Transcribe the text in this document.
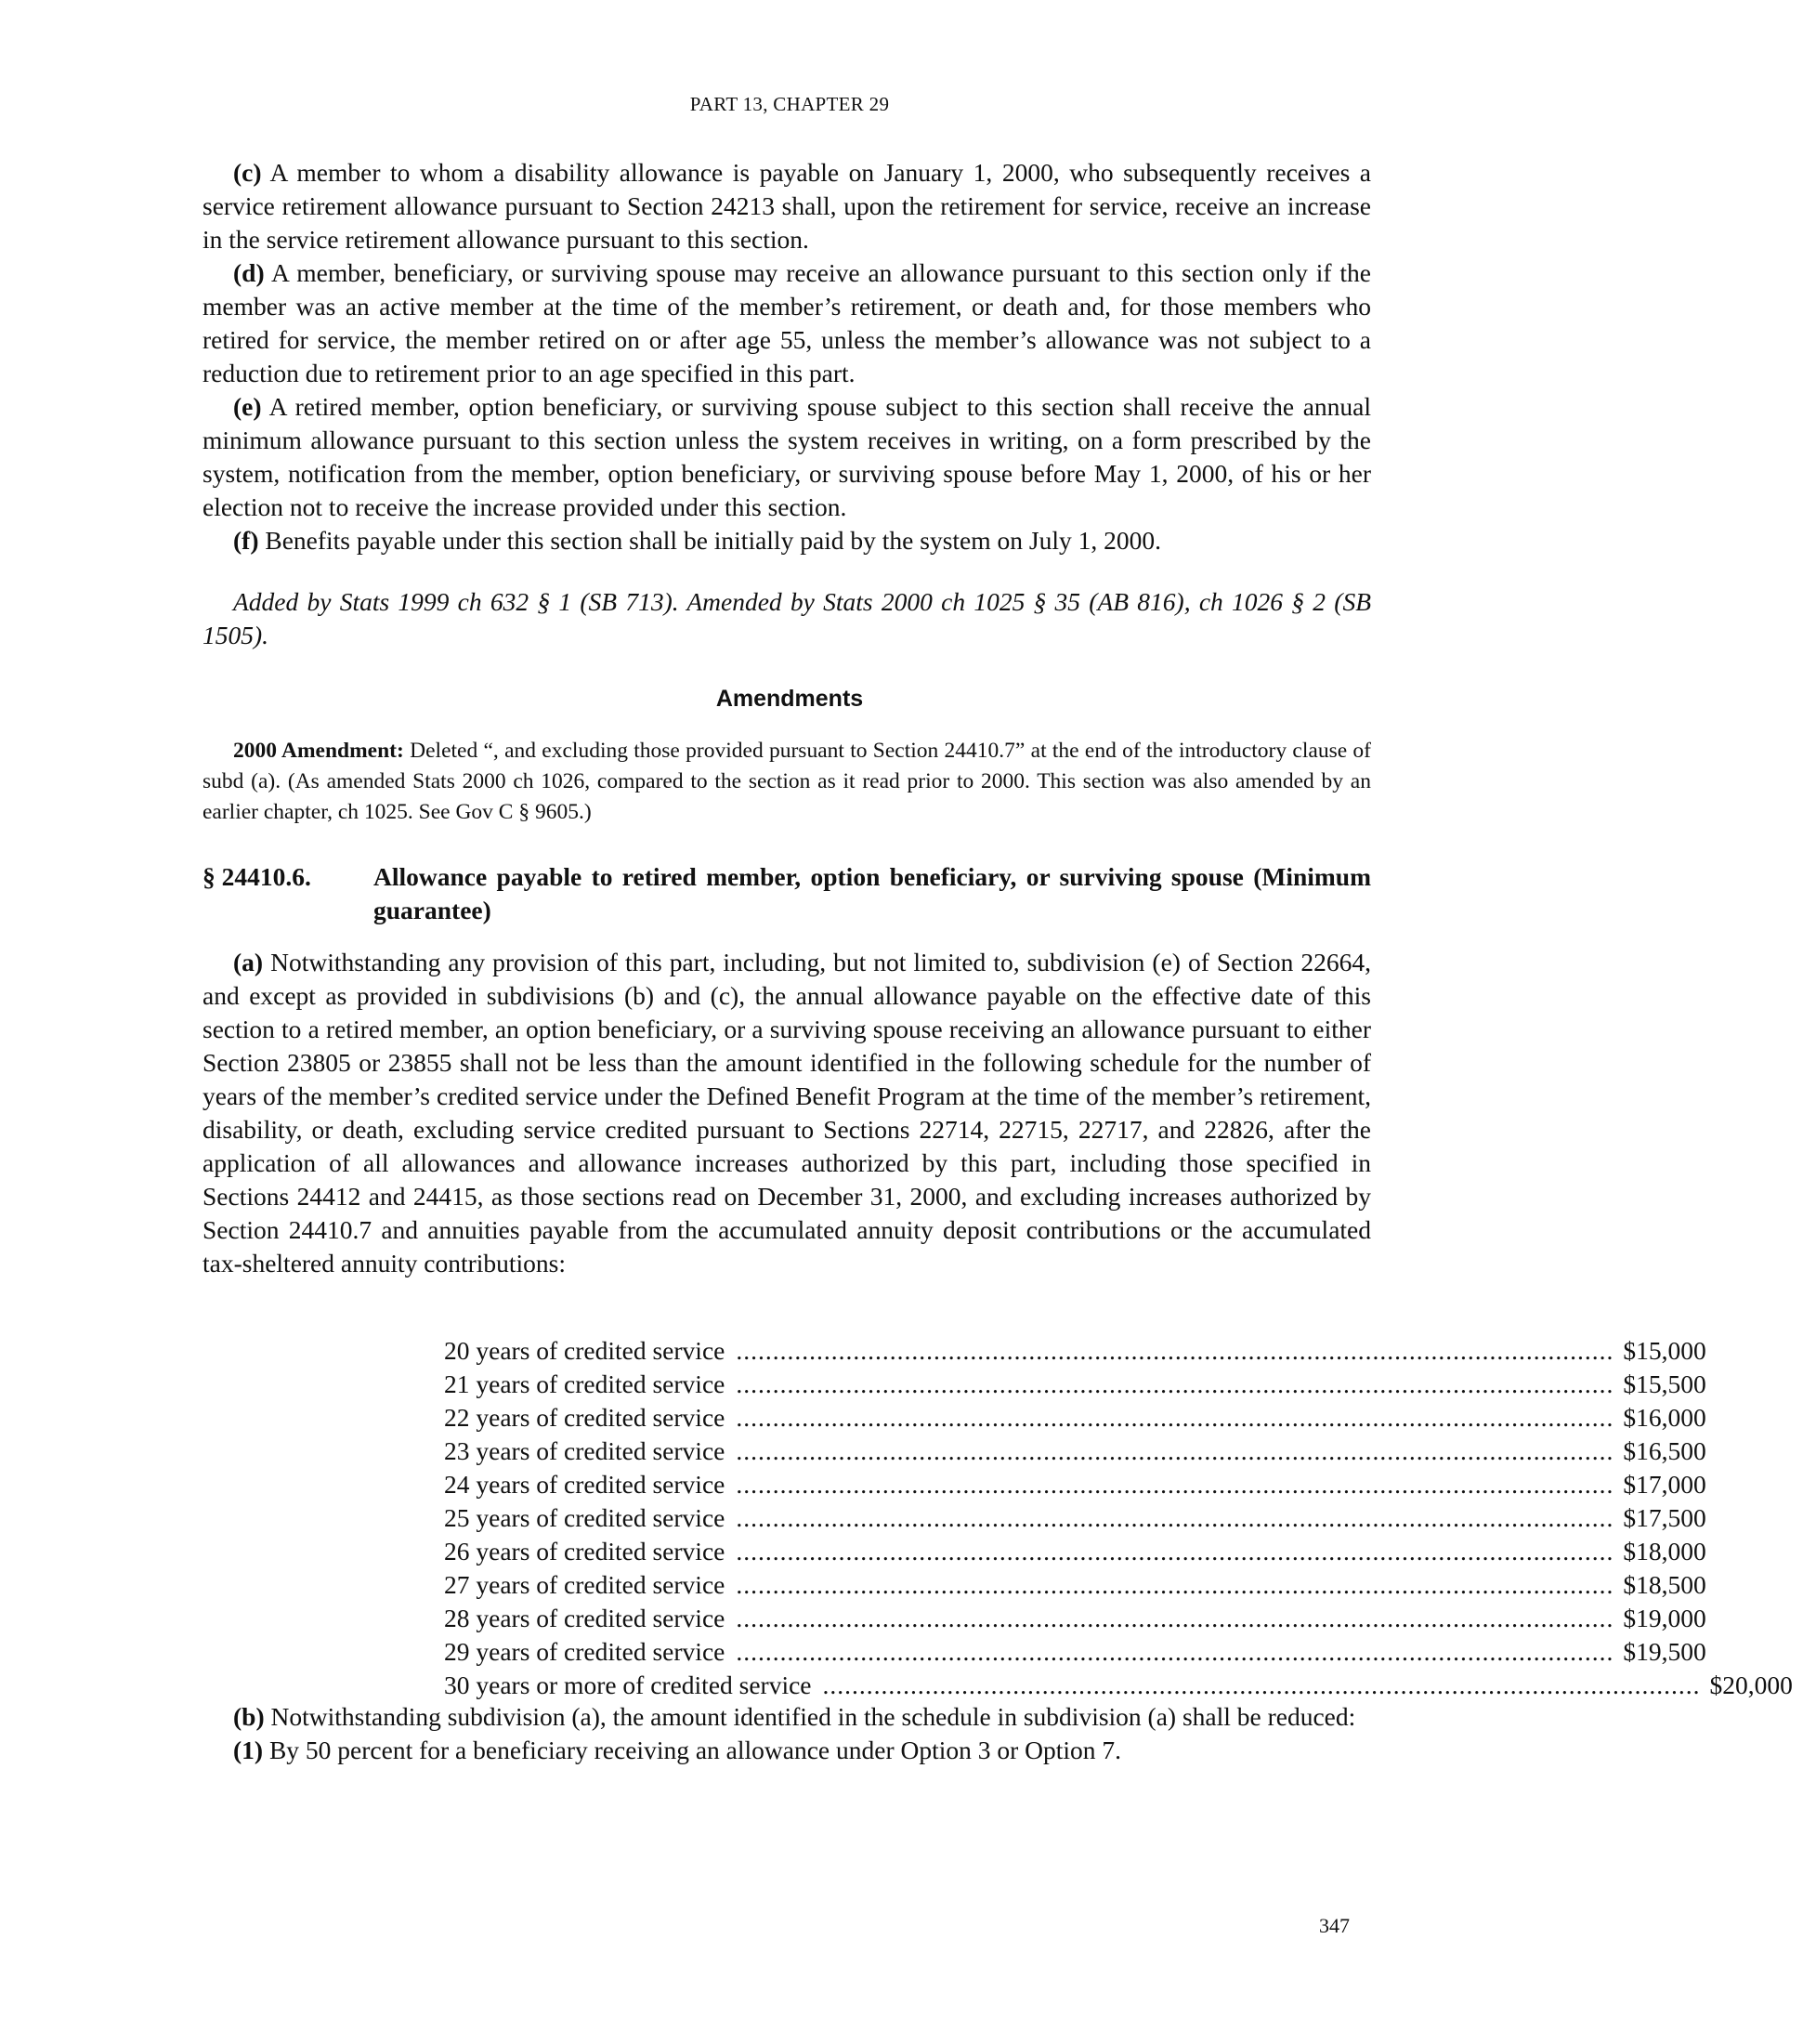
PART 13, CHAPTER 29

(c) A member to whom a disability allowance is payable on January 1, 2000, who subsequently receives a service retirement allowance pursuant to Section 24213 shall, upon the retirement for service, receive an increase in the service retirement allowance pursuant to this section.

(d) A member, beneficiary, or surviving spouse may receive an allowance pursuant to this section only if the member was an active member at the time of the member’s retirement, or death and, for those members who retired for service, the member retired on or after age 55, unless the member’s allowance was not subject to a reduction due to retirement prior to an age specified in this part.

(e) A retired member, option beneficiary, or surviving spouse subject to this section shall receive the annual minimum allowance pursuant to this section unless the system receives in writing, on a form prescribed by the system, notification from the member, option beneficiary, or surviving spouse before May 1, 2000, of his or her election not to receive the increase provided under this section.

(f) Benefits payable under this section shall be initially paid by the system on July 1, 2000.

Added by Stats 1999 ch 632 § 1 (SB 713). Amended by Stats 2000 ch 1025 § 35 (AB 816), ch 1026 § 2 (SB 1505).

Amendments

2000 Amendment: Deleted “, and excluding those provided pursuant to Section 24410.7” at the end of the introductory clause of subd (a). (As amended Stats 2000 ch 1026, compared to the section as it read prior to 2000. This section was also amended by an earlier chapter, ch 1025. See Gov C § 9605.)

§ 24410.6.	Allowance payable to retired member, option beneficiary, or surviving spouse (Minimum guarantee)

(a) Notwithstanding any provision of this part, including, but not limited to, subdivision (e) of Section 22664, and except as provided in subdivisions (b) and (c), the annual allowance payable on the effective date of this section to a retired member, an option beneficiary, or a surviving spouse receiving an allowance pursuant to either Section 23805 or 23855 shall not be less than the amount identified in the following schedule for the number of years of the member’s credited service under the Defined Benefit Program at the time of the member’s retirement, disability, or death, excluding service credited pursuant to Sections 22714, 22715, 22717, and 22826, after the application of all allowances and allowance increases authorized by this part, including those specified in Sections 24412 and 24415, as those sections read on December 31, 2000, and excluding increases authorized by Section 24410.7 and annuities payable from the accumulated annuity deposit contributions or the accumulated tax-sheltered annuity contributions:

20 years of credited service ........................................................................................................................ $15,000
21 years of credited service ........................................................................................................................ $15,500
22 years of credited service ........................................................................................................................ $16,000
23 years of credited service ........................................................................................................................ $16,500
24 years of credited service ........................................................................................................................ $17,000
25 years of credited service ........................................................................................................................ $17,500
26 years of credited service ........................................................................................................................ $18,000
27 years of credited service ........................................................................................................................ $18,500
28 years of credited service ........................................................................................................................ $19,000
29 years of credited service ........................................................................................................................ $19,500
30 years or more of credited service ........................................................................................................................ $20,000

(b) Notwithstanding subdivision (a), the amount identified in the schedule in subdivision (a) shall be reduced:

(1) By 50 percent for a beneficiary receiving an allowance under Option 3 or Option 7.

347
